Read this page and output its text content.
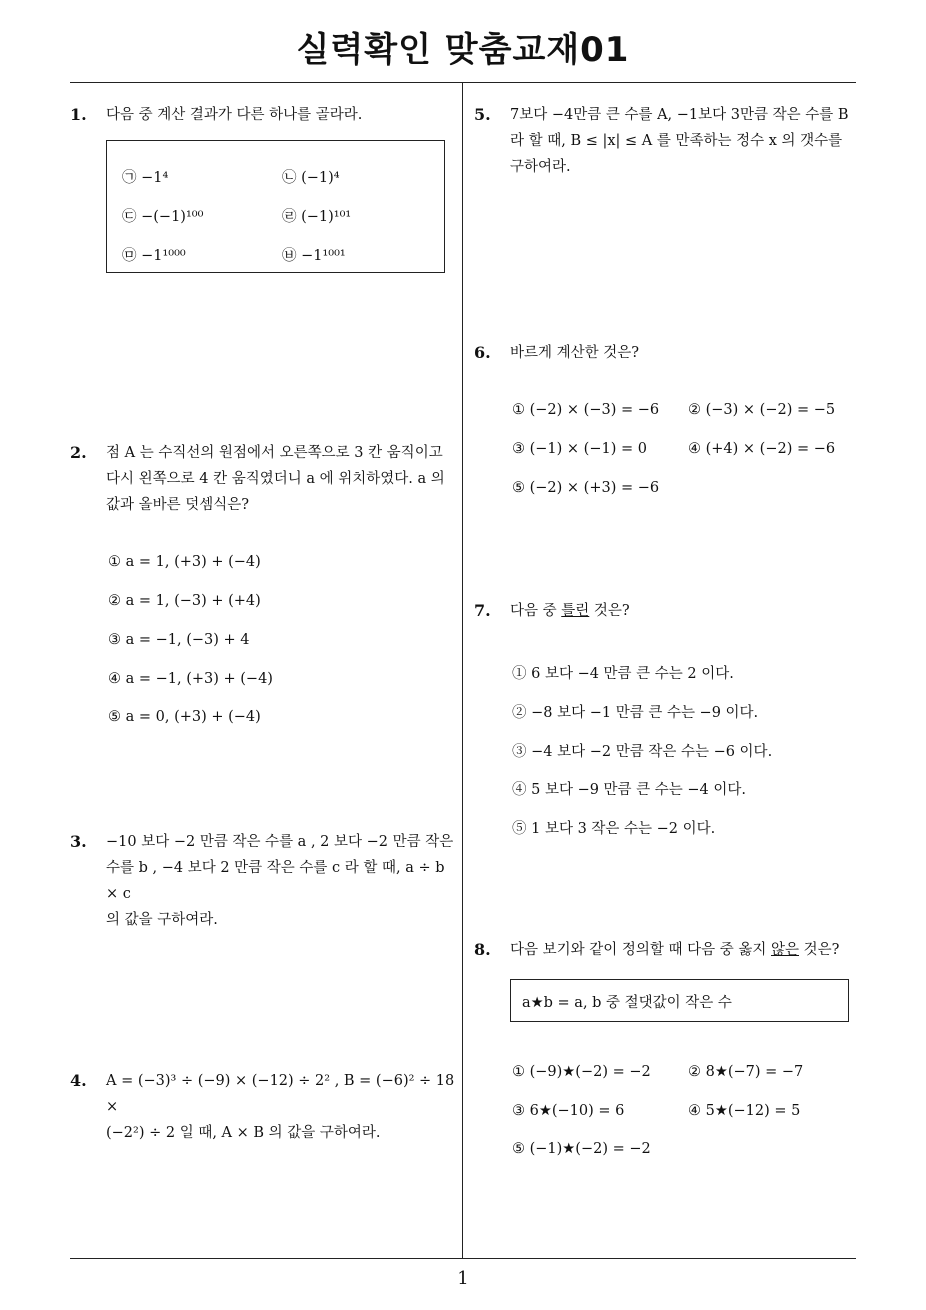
실력확인 맞춤교재01
1
1. 다음 중 계산 결과가 다른 하나를 골라라.
㉠ −1⁴	㉡ (−1)⁴
㉢ −(−1)¹⁰⁰	㉣ (−1)¹⁰¹
㉤ −1¹⁰⁰⁰	㉥ −1¹⁰⁰¹
2. 점 A 는 수직선의 원점에서 오른쪽으로 3 칸 움직이고
다시 왼쪽으로 4 칸 움직였더니 a 에 위치하였다. a 의
값과 올바른 덧셈식은?
① a = 1, (+3) + (−4)
② a = 1, (−3) + (+4)
③ a = −1, (−3) + 4
④ a = −1, (+3) + (−4)
⑤ a = 0, (+3) + (−4)
3. −10 보다 −2 만큼 작은 수를 a , 2 보다 −2 만큼 작은
수를 b , −4 보다 2 만큼 작은 수를 c 라 할 때, a ÷ b × c
의 값을 구하여라.
4. A = (−3)³ ÷ (−9) × (−12) ÷ 2² , B = (−6)² ÷ 18 ×
(−2²) ÷ 2 일 때, A × B 의 값을 구하여라.
5. 7보다 −4만큼 큰 수를 A, −1보다 3만큼 작은 수를 B
라 할 때, B ≤ |x| ≤ A 를 만족하는 정수 x 의 갯수를
구하여라.
6. 바르게 계산한 것은?
① (−2) × (−3) = −6 ② (−3) × (−2) = −5
③ (−1) × (−1) = 0	④ (+4) × (−2) = −6
⑤ (−2) × (+3) = −6
7. 다음 중 틀린 것은?
① 6 보다 −4 만큼 큰 수는 2 이다.
② −8 보다 −1 만큼 큰 수는 −9 이다.
③ −4 보다 −2 만큼 작은 수는 −6 이다.
④ 5 보다 −9 만큼 큰 수는 −4 이다.
⑤ 1 보다 3 작은 수는 −2 이다.
8. 다음 보기와 같이 정의할 때 다음 중 옳지 않은 것은?
a★b = a, b 중 절댓값이 작은 수
① (−9)★(−2) = −2	② 8★(−7) = −7
③ 6★(−10) = 6	④ 5★(−12) = 5
⑤ (−1)★(−2) = −2
